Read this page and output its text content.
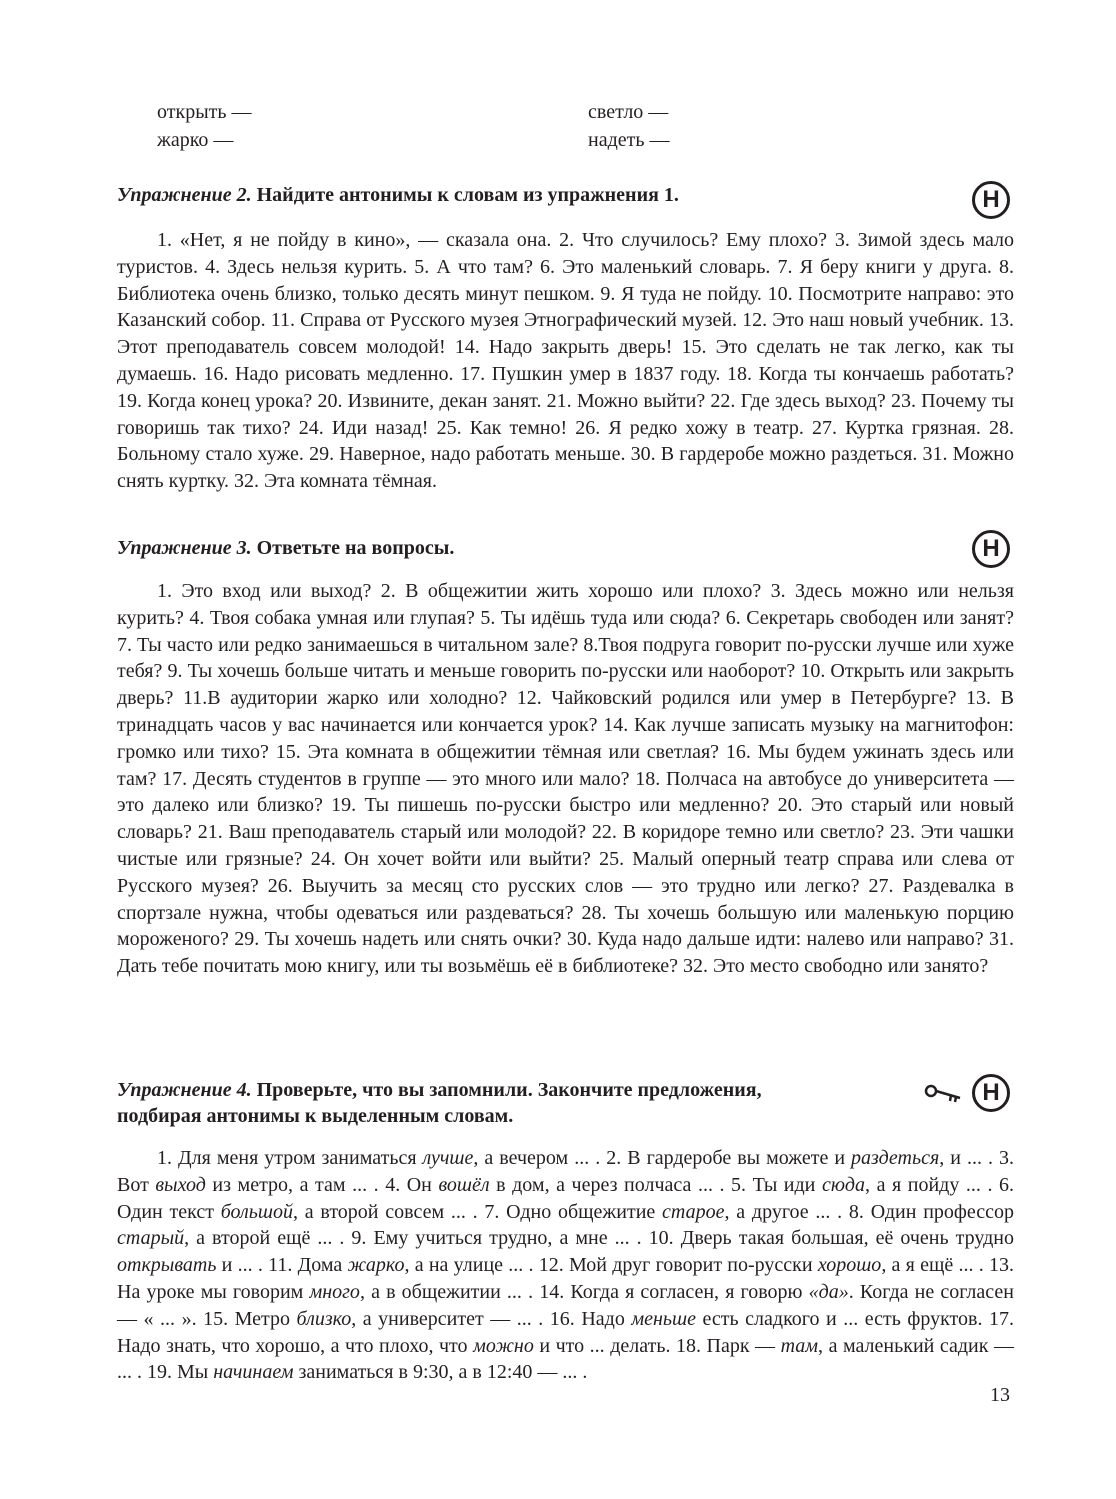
открыть —
жарко —
светло —
надеть —
Упражнение 2. Найдите антонимы к словам из упражнения 1.	Н

1. «Нет, я не пойду в кино», — сказала она. 2. Что случилось? Ему плохо? 3. Зимой здесь мало туристов. 4. Здесь нельзя курить. 5. А что там? 6. Это маленький словарь. 7. Я беру книги у друга. 8. Библиотека очень близко, только десять минут пешком. 9. Я туда не пойду. 10. Посмотрите направо: это Казанский собор. 11. Справа от Русского музея Этнографический музей. 12. Это наш новый учебник. 13. Этот преподаватель совсем молодой! 14. Надо закрыть дверь! 15. Это сделать не так легко, как ты думаешь. 16. Надо рисовать медленно. 17. Пушкин умер в 1837 году. 18. Когда ты кончаешь работать? 19. Когда конец урока? 20. Извините, декан занят. 21. Можно выйти? 22. Где здесь выход? 23. Почему ты говоришь так тихо? 24. Иди назад! 25. Как темно! 26. Я редко хожу в театр. 27. Куртка грязная. 28. Больному стало хуже. 29. Наверное, надо работать меньше. 30. В гардеробе можно раздеться. 31. Можно снять куртку. 32. Эта комната тёмная.

Упражнение 3. Ответьте на вопросы.	Н

1. Это вход или выход? 2. В общежитии жить хорошо или плохо? 3. Здесь можно или нельзя курить? 4. Твоя собака умная или глупая? 5. Ты идёшь туда или сюда? 6. Секретарь свободен или занят? 7. Ты часто или редко занимаешься в читальном зале? 8.Твоя подруга говорит по-русски лучше или хуже тебя? 9. Ты хочешь больше читать и меньше говорить по-русски или наоборот? 10. Открыть или закрыть дверь? 11.В аудитории жарко или холодно? 12. Чайковский родился или умер в Петербурге? 13. В тринадцать часов у вас начинается или кончается урок? 14. Как лучше записать музыку на магнитофон: громко или тихо? 15. Эта комната в общежитии тёмная или светлая? 16. Мы будем ужинать здесь или там? 17. Десять студентов в группе — это много или мало? 18. Полчаса на автобусе до университета — это далеко или близко? 19. Ты пишешь по-русски быстро или медленно? 20. Это старый или новый словарь? 21. Ваш преподаватель старый или молодой? 22. В коридоре темно или светло? 23. Эти чашки чистые или грязные? 24. Он хочет войти или выйти? 25. Малый оперный театр справа или слева от Русского музея? 26. Выучить за месяц сто русских слов — это трудно или легко? 27. Раздевалка в спортзале нужна, чтобы одеваться или раздеваться? 28. Ты хочешь большую или маленькую порцию мороженого? 29. Ты хочешь надеть или снять очки? 30. Куда надо дальше идти: налево или направо? 31. Дать тебе почитать мою книгу, или ты возьмёшь её в библиотеке? 32. Это место свободно или занято?

Упражнение 4. Проверьте, что вы запомнили. Закончите предложения,
подбирая антонимы к выделенным словам.
Н

1. Для меня утром заниматься лучше, а вечером ... . 2. В гардеробе вы можете и раздеться, и ... . 3. Вот выход из метро, а там ... . 4. Он вошёл в дом, а через полчаса ... . 5. Ты иди сюда, а я пойду ... . 6. Один текст большой, а второй совсем ... . 7. Одно общежитие старое, а другое ... . 8. Один профессор старый, а второй ещё ... . 9. Ему учиться трудно, а мне ... . 10. Дверь такая большая, её очень трудно открывать и ... . 11. Дома жарко, а на улице ... . 12. Мой друг говорит по-русски хорошо, а я ещё ... . 13. На уроке мы говорим много, а в общежитии ... . 14. Когда я согласен, я говорю «да». Когда не согласен — « ... ». 15. Метро близко, а университет — ... . 16. Надо меньше есть сладкого и ... есть фруктов. 17. Надо знать, что хорошо, а что плохо, что можно и что ... делать. 18. Парк — там, а маленький садик — ... . 19. Мы начинаем заниматься в 9:30, а в 12:40 — ... .

13
